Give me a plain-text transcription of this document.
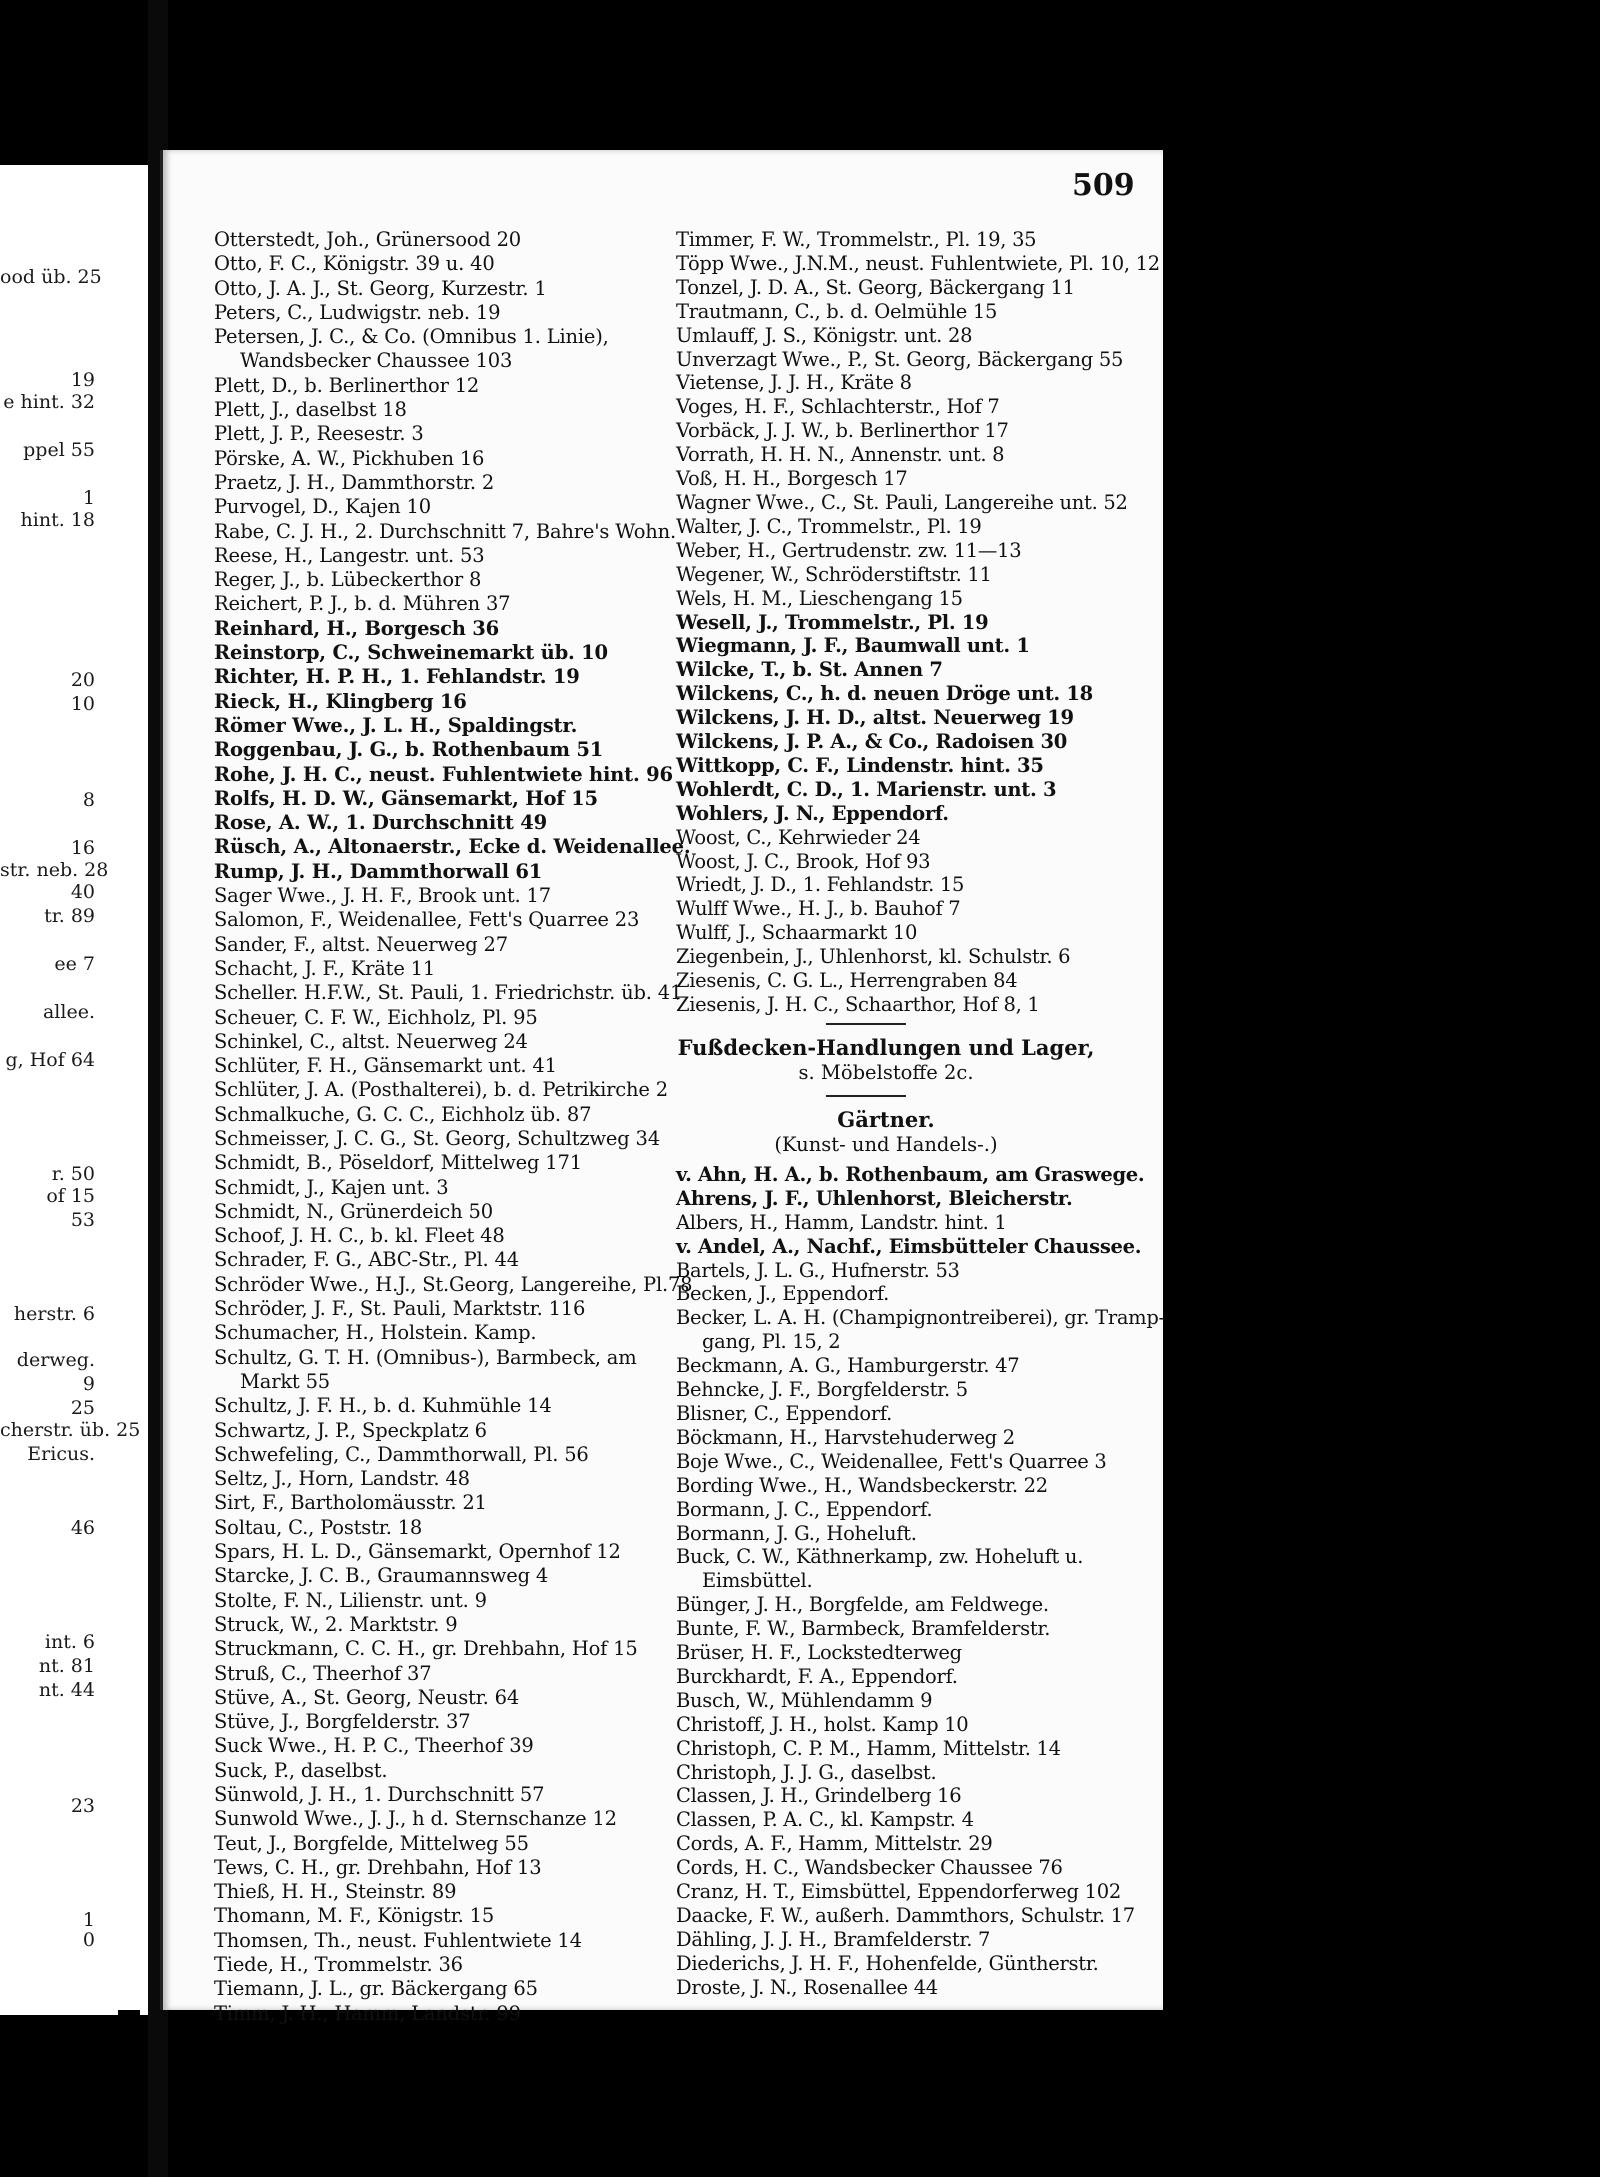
ood üb. 25
19
e hint. 32
ppel 55
1
hint. 18
20
10
8
16
str. neb. 28
40
tr. 89
ee 7
allee.
g, Hof 64
r. 50
of 15
53
herstr. 6
derweg.
9
25
cherstr. üb. 25
Ericus.
46
int. 6
nt. 81
nt. 44
23
1
0
509
Otterstedt, Joh., Grünersood 20
Otto, F. C., Königstr. 39 u. 40
Otto, J. A. J., St. Georg, Kurzestr. 1
Peters, C., Ludwigstr. neb. 19
Petersen, J. C., & Co. (Omnibus 1. Linie),
Wandsbecker Chaussee 103
Plett, D., b. Berlinerthor 12
Plett, J., daselbst 18
Plett, J. P., Reesestr. 3
Pörske, A. W., Pickhuben 16
Praetz, J. H., Dammthorstr. 2
Purvogel, D., Kajen 10
Rabe, C. J. H., 2. Durchschnitt 7, Bahre's Wohn.
Reese, H., Langestr. unt. 53
Reger, J., b. Lübeckerthor 8
Reichert, P. J., b. d. Mühren 37
Reinhard, H., Borgesch 36
Reinstorp, C., Schweinemarkt üb. 10
Richter, H. P. H., 1. Fehlandstr. 19
Rieck, H., Klingberg 16
Römer Wwe., J. L. H., Spaldingstr.
Roggenbau, J. G., b. Rothenbaum 51
Rohe, J. H. C., neust. Fuhlentwiete hint. 96
Rolfs, H. D. W., Gänsemarkt, Hof 15
Rose, A. W., 1. Durchschnitt 49
Rüsch, A., Altonaerstr., Ecke d. Weidenallee.
Rump, J. H., Dammthorwall 61
Sager Wwe., J. H. F., Brook unt. 17
Salomon, F., Weidenallee, Fett's Quarree 23
Sander, F., altst. Neuerweg 27
Schacht, J. F., Kräte 11
Scheller. H.F.W., St. Pauli, 1. Friedrichstr. üb. 41
Scheuer, C. F. W., Eichholz, Pl. 95
Schinkel, C., altst. Neuerweg 24
Schlüter, F. H., Gänsemarkt unt. 41
Schlüter, J. A. (Posthalterei), b. d. Petrikirche 2
Schmalkuche, G. C. C., Eichholz üb. 87
Schmeisser, J. C. G., St. Georg, Schultzweg 34
Schmidt, B., Pöseldorf, Mittelweg 171
Schmidt, J., Kajen unt. 3
Schmidt, N., Grünerdeich 50
Schoof, J. H. C., b. kl. Fleet 48
Schrader, F. G., ABC-Str., Pl. 44
Schröder Wwe., H.J., St.Georg, Langereihe, Pl.78
Schröder, J. F., St. Pauli, Marktstr. 116
Schumacher, H., Holstein. Kamp.
Schultz, G. T. H. (Omnibus-), Barmbeck, am
Markt 55
Schultz, J. F. H., b. d. Kuhmühle 14
Schwartz, J. P., Speckplatz 6
Schwefeling, C., Dammthorwall, Pl. 56
Seltz, J., Horn, Landstr. 48
Sirt, F., Bartholomäusstr. 21
Soltau, C., Poststr. 18
Spars, H. L. D., Gänsemarkt, Opernhof 12
Starcke, J. C. B., Graumannsweg 4
Stolte, F. N., Lilienstr. unt. 9
Struck, W., 2. Marktstr. 9
Struckmann, C. C. H., gr. Drehbahn, Hof 15
Struß, C., Theerhof 37
Stüve, A., St. Georg, Neustr. 64
Stüve, J., Borgfelderstr. 37
Suck Wwe., H. P. C., Theerhof 39
Suck, P., daselbst.
Sünwold, J. H., 1. Durchschnitt 57
Sunwold Wwe., J. J., h d. Sternschanze 12
Teut, J., Borgfelde, Mittelweg 55
Tews, C. H., gr. Drehbahn, Hof 13
Thieß, H. H., Steinstr. 89
Thomann, M. F., Königstr. 15
Thomsen, Th., neust. Fuhlentwiete 14
Tiede, H., Trommelstr. 36
Tiemann, J. L., gr. Bäckergang 65
Timm, J. H., Hamm, Landstr. 99
Timmer, F. W., Trommelstr., Pl. 19, 35
Töpp Wwe., J.N.M., neust. Fuhlentwiete, Pl. 10, 12
Tonzel, J. D. A., St. Georg, Bäckergang 11
Trautmann, C., b. d. Oelmühle 15
Umlauff, J. S., Königstr. unt. 28
Unverzagt Wwe., P., St. Georg, Bäckergang 55
Vietense, J. J. H., Kräte 8
Voges, H. F., Schlachterstr., Hof 7
Vorbäck, J. J. W., b. Berlinerthor 17
Vorrath, H. H. N., Annenstr. unt. 8
Voß, H. H., Borgesch 17
Wagner Wwe., C., St. Pauli, Langereihe unt. 52
Walter, J. C., Trommelstr., Pl. 19
Weber, H., Gertrudenstr. zw. 11—13
Wegener, W., Schröderstiftstr. 11
Wels, H. M., Lieschengang 15
Wesell, J., Trommelstr., Pl. 19
Wiegmann, J. F., Baumwall unt. 1
Wilcke, T., b. St. Annen 7
Wilckens, C., h. d. neuen Dröge unt. 18
Wilckens, J. H. D., altst. Neuerweg 19
Wilckens, J. P. A., & Co., Radoisen 30
Wittkopp, C. F., Lindenstr. hint. 35
Wohlerdt, C. D., 1. Marienstr. unt. 3
Wohlers, J. N., Eppendorf.
Woost, C., Kehrwieder 24
Woost, J. C., Brook, Hof 93
Wriedt, J. D., 1. Fehlandstr. 15
Wulff Wwe., H. J., b. Bauhof 7
Wulff, J., Schaarmarkt 10
Ziegenbein, J., Uhlenhorst, kl. Schulstr. 6
Ziesenis, C. G. L., Herrengraben 84
Ziesenis, J. H. C., Schaarthor, Hof 8, 1
Fußdecken-Handlungen und Lager,
s. Möbelstoffe 2c.
Gärtner.
(Kunst- und Handels-.)
v. Ahn, H. A., b. Rothenbaum, am Graswege.
Ahrens, J. F., Uhlenhorst, Bleicherstr.
Albers, H., Hamm, Landstr. hint. 1
v. Andel, A., Nachf., Eimsbütteler Chaussee.
Bartels, J. L. G., Hufnerstr. 53
Becken, J., Eppendorf.
Becker, L. A. H. (Champignontreiberei), gr. Tramp-
gang, Pl. 15, 2
Beckmann, A. G., Hamburgerstr. 47
Behncke, J. F., Borgfelderstr. 5
Blisner, C., Eppendorf.
Böckmann, H., Harvstehuderweg 2
Boje Wwe., C., Weidenallee, Fett's Quarree 3
Bording Wwe., H., Wandsbeckerstr. 22
Bormann, J. C., Eppendorf.
Bormann, J. G., Hoheluft.
Buck, C. W., Käthnerkamp, zw. Hoheluft u.
Eimsbüttel.
Bünger, J. H., Borgfelde, am Feldwege.
Bunte, F. W., Barmbeck, Bramfelderstr.
Brüser, H. F., Lockstedterweg
Burckhardt, F. A., Eppendorf.
Busch, W., Mühlendamm 9
Christoff, J. H., holst. Kamp 10
Christoph, C. P. M., Hamm, Mittelstr. 14
Christoph, J. J. G., daselbst.
Classen, J. H., Grindelberg 16
Classen, P. A. C., kl. Kampstr. 4
Cords, A. F., Hamm, Mittelstr. 29
Cords, H. C., Wandsbecker Chaussee 76
Cranz, H. T., Eimsbüttel, Eppendorferweg 102
Daacke, F. W., außerh. Dammthors, Schulstr. 17
Dähling, J. J. H., Bramfelderstr. 7
Diederichs, J. H. F., Hohenfelde, Güntherstr.
Droste, J. N., Rosenallee 44
